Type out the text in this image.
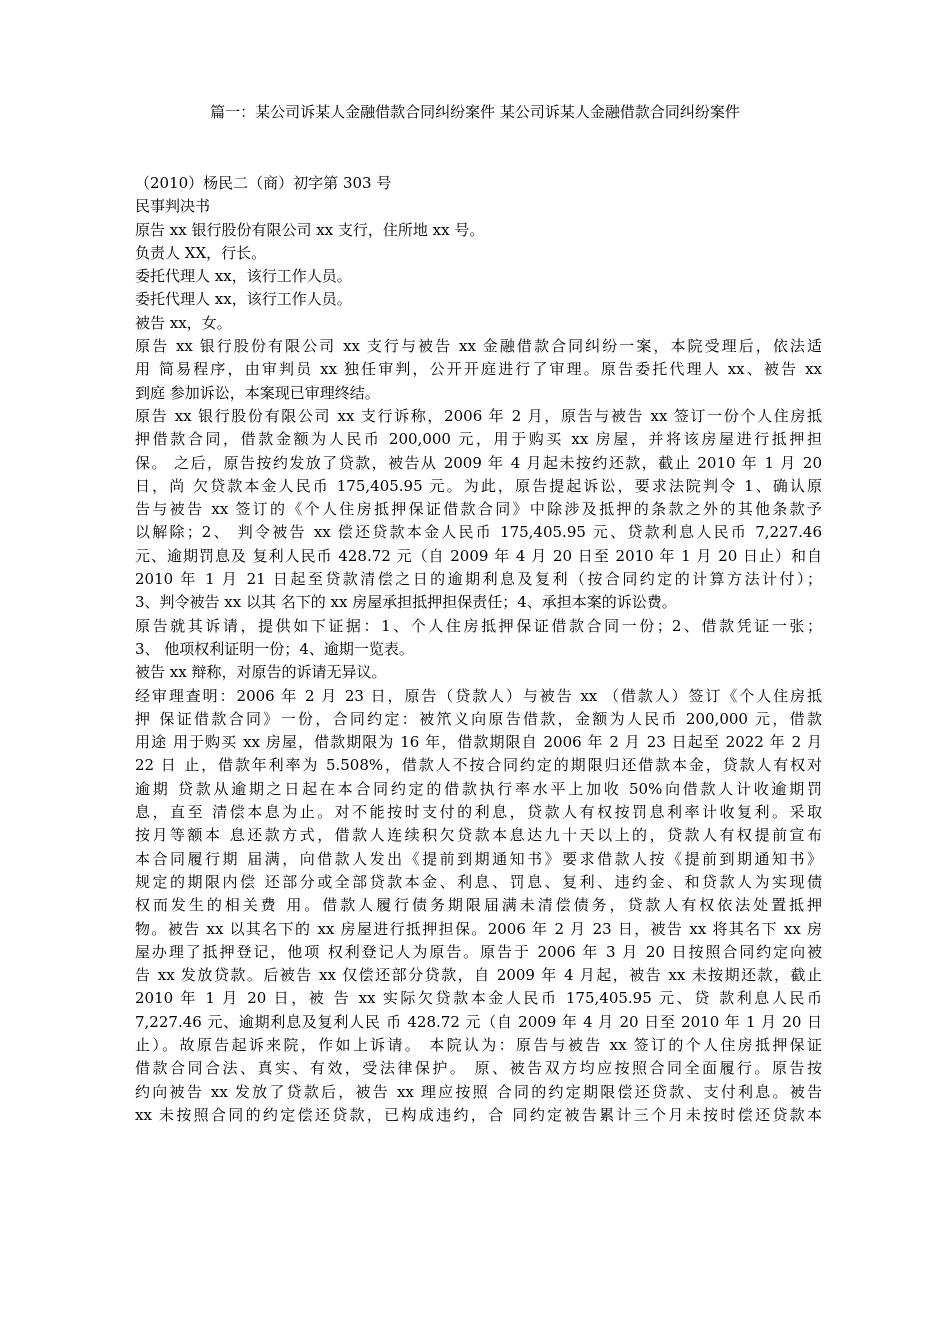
篇一：某公司诉某人金融借款合同纠纷案件 某公司诉某人金融借款合同纠纷案件
（2010）杨民二（商）初字第 303 号
民事判决书
原告 xx 银行股份有限公司 xx 支行，住所地 xx 号。
负责人 XX，行长。
委托代理人 xx，该行工作人员。
委托代理人 xx，该行工作人员。
被告 xx，女。
原告 xx 银行股份有限公司 xx 支行与被告 xx 金融借款合同纠纷一案，本院受理后，依法适
用 简易程序，由审判员 xx 独任审判，公开开庭进行了审理。原告委托代理人 xx、被告 xx
到庭 参加诉讼，本案现已审理终结。
原告 xx 银行股份有限公司 xx 支行诉称，2006 年 2 月，原告与被告 xx 签订一份个人住房抵
押借款合同，借款金额为人民币 200,000 元，用于购买 xx 房屋，并将该房屋进行抵押担
保。 之后，原告按约发放了贷款，被告从 2009 年 4 月起未按约还款，截止 2010 年 1 月 20
日，尚 欠贷款本金人民币 175,405.95 元。为此，原告提起诉讼，要求法院判令 1、确认原
告与被告 xx 签订的《个人住房抵押保证借款合同》中除涉及抵押的条款之外的其他条款予
以解除；2、 判令被告 xx 偿还贷款本金人民币 175,405.95 元、贷款利息人民币 7,227.46
元、逾期罚息及 复利人民币 428.72 元（自 2009 年 4 月 20 日至 2010 年 1 月 20 日止）和自
2010 年 1 月 21 日起至贷款清偿之日的逾期利息及复利（按合同约定的计算方法计付）；
3、判令被告 xx 以其 名下的 xx 房屋承担抵押担保责任；4、承担本案的诉讼费。
原告就其诉请，提供如下证据：1、个人住房抵押保证借款合同一份；2、借款凭证一张；
3、 他项权利证明一份；4、逾期一览表。
被告 xx 辩称，对原告的诉请无异议。
经审理查明：2006 年 2 月 23 日，原告（贷款人）与被告 xx （借款人）签订《个人住房抵
押 保证借款合同》一份，合同约定：被笊义向原告借款，金额为人民币 200,000 元，借款
用途 用于购买 xx 房屋，借款期限为 16 年，借款期限自 2006 年 2 月 23 日起至 2022 年 2 月
22 日 止，借款年利率为 5.508%，借款人不按合同约定的期限归还借款本金，贷款人有权对
逾期 贷款从逾期之日起在本合同约定的借款执行率水平上加收 50%向借款人计收逾期罚
息，直至 清偿本息为止。对不能按时支付的利息，贷款人有权按罚息利率计收复利。采取
按月等额本 息还款方式，借款人连续积欠贷款本息达九十天以上的，贷款人有权提前宣布
本合同履行期 届满，向借款人发出《提前到期通知书》要求借款人按《提前到期通知书》
规定的期限内偿 还部分或全部贷款本金、利息、罚息、复利、违约金、和贷款人为实现债
权而发生的相关费 用。借款人履行债务期限届满未清偿债务，贷款人有权依法处置抵押
物。被告 xx 以其名下的 xx 房屋进行抵押担保。2006 年 2 月 23 日，被告 xx 将其名下 xx 房
屋办理了抵押登记，他项 权利登记人为原告。原告于 2006 年 3 月 20 日按照合同约定向被
告 xx 发放贷款。后被告 xx 仅偿还部分贷款，自 2009 年 4 月起，被告 xx 未按期还款，截止
2010 年 1 月 20 日，被 告 xx 实际欠贷款本金人民币 175,405.95 元、贷 款利息人民币
7,227.46 元、逾期利息及复利人民 币 428.72 元（自 2009 年 4 月 20 日至 2010 年 1 月 20 日
止）。故原告起诉来院，作如上诉请。 本院认为：原告与被告 xx 签订的个人住房抵押保证
借款合同合法、真实、有效，受法律保护。 原、被告双方均应按照合同全面履行。原告按
约向被告 xx 发放了贷款后，被告 xx 理应按照 合同的约定期限偿还贷款、支付利息。被告
xx 未按照合同的约定偿还贷款，已构成违约，合 同约定被告累计三个月未按时偿还贷款本
